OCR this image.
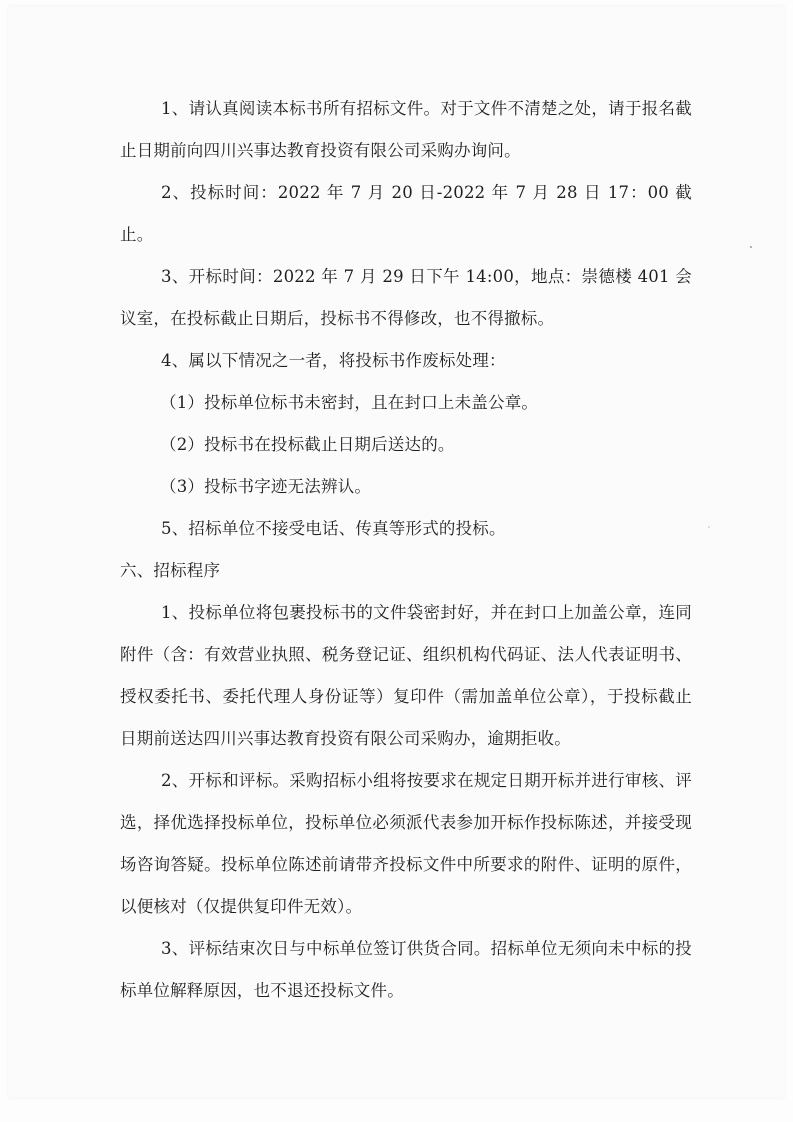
1、请认真阅读本标书所有招标文件。对于文件不清楚之处，请于报名截止日期前向四川兴事达教育投资有限公司采购办询问。

2、投标时间：2022 年 7 月 20 日-2022 年 7 月 28 日 17：00 截止。

3、开标时间：2022 年 7 月 29 日下午 14:00，地点：崇德楼 401 会议室，在投标截止日期后，投标书不得修改，也不得撤标。

4、属以下情况之一者，将投标书作废标处理：

（1）投标单位标书未密封，且在封口上未盖公章。

（2）投标书在投标截止日期后送达的。

（3）投标书字迹无法辨认。

5、招标单位不接受电话、传真等形式的投标。

六、招标程序

1、投标单位将包裹投标书的文件袋密封好，并在封口上加盖公章，连同附件（含：有效营业执照、税务登记证、组织机构代码证、法人代表证明书、授权委托书、委托代理人身份证等）复印件（需加盖单位公章），于投标截止日期前送达四川兴事达教育投资有限公司采购办，逾期拒收。

2、开标和评标。采购招标小组将按要求在规定日期开标并进行审核、评选，择优选择投标单位，投标单位必须派代表参加开标作投标陈述，并接受现场咨询答疑。投标单位陈述前请带齐投标文件中所要求的附件、证明的原件，以便核对（仅提供复印件无效）。

3、评标结束次日与中标单位签订供货合同。招标单位无须向未中标的投标单位解释原因，也不退还投标文件。
